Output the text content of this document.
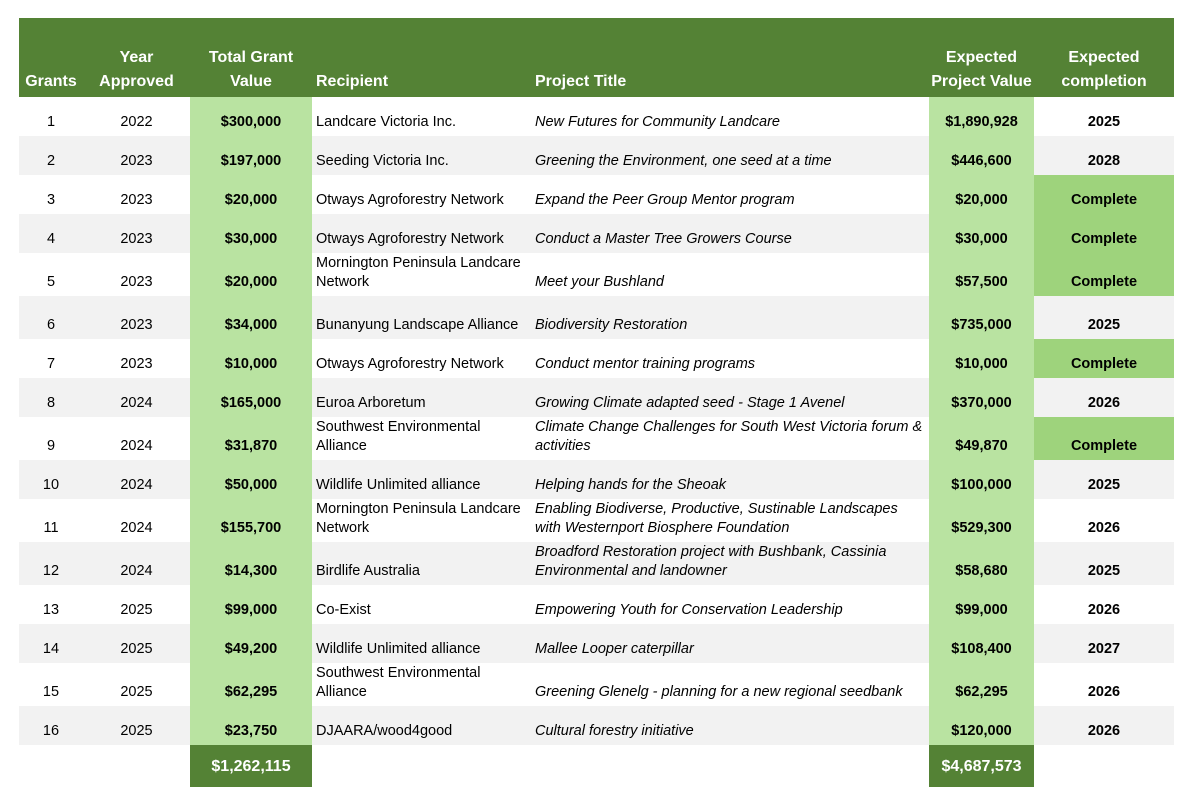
Grants	Year Approved	Total Grant Value	Recipient	Project Title	Expected Project Value	Expected completion
1	2022	$300,000	Landcare Victoria Inc.	New Futures for Community Landcare	$1,890,928	2025
2	2023	$197,000	Seeding Victoria Inc.	Greening the Environment, one seed at a time	$446,600	2028
3	2023	$20,000	Otways Agroforestry Network	Expand the Peer Group Mentor program	$20,000	Complete
4	2023	$30,000	Otways Agroforestry Network	Conduct a Master Tree Growers Course	$30,000	Complete
5	2023	$20,000	Mornington Peninsula Landcare Network	Meet your Bushland	$57,500	Complete
6	2023	$34,000	Bunanyung Landscape Alliance	Biodiversity Restoration	$735,000	2025
7	2023	$10,000	Otways Agroforestry Network	Conduct mentor training programs	$10,000	Complete
8	2024	$165,000	Euroa Arboretum	Growing Climate adapted seed - Stage 1 Avenel	$370,000	2026
9	2024	$31,870	Southwest Environmental Alliance	Climate Change Challenges for South West Victoria forum & activities	$49,870	Complete
10	2024	$50,000	Wildlife Unlimited alliance	Helping hands for the Sheoak	$100,000	2025
11	2024	$155,700	Mornington Peninsula Landcare Network	Enabling Biodiverse, Productive, Sustinable Landscapes with Westernport Biosphere Foundation	$529,300	2026
12	2024	$14,300	Birdlife Australia	Broadford Restoration project with Bushbank, Cassinia Environmental and landowner	$58,680	2025
13	2025	$99,000	Co-Exist	Empowering Youth for Conservation Leadership	$99,000	2026
14	2025	$49,200	Wildlife Unlimited alliance	Mallee Looper caterpillar	$108,400	2027
15	2025	$62,295	Southwest Environmental Alliance	Greening Glenelg - planning for a new regional seedbank	$62,295	2026
16	2025	$23,750	DJAARA/wood4good	Cultural forestry initiative	$120,000	2026
		$1,262,115			$4,687,573	
